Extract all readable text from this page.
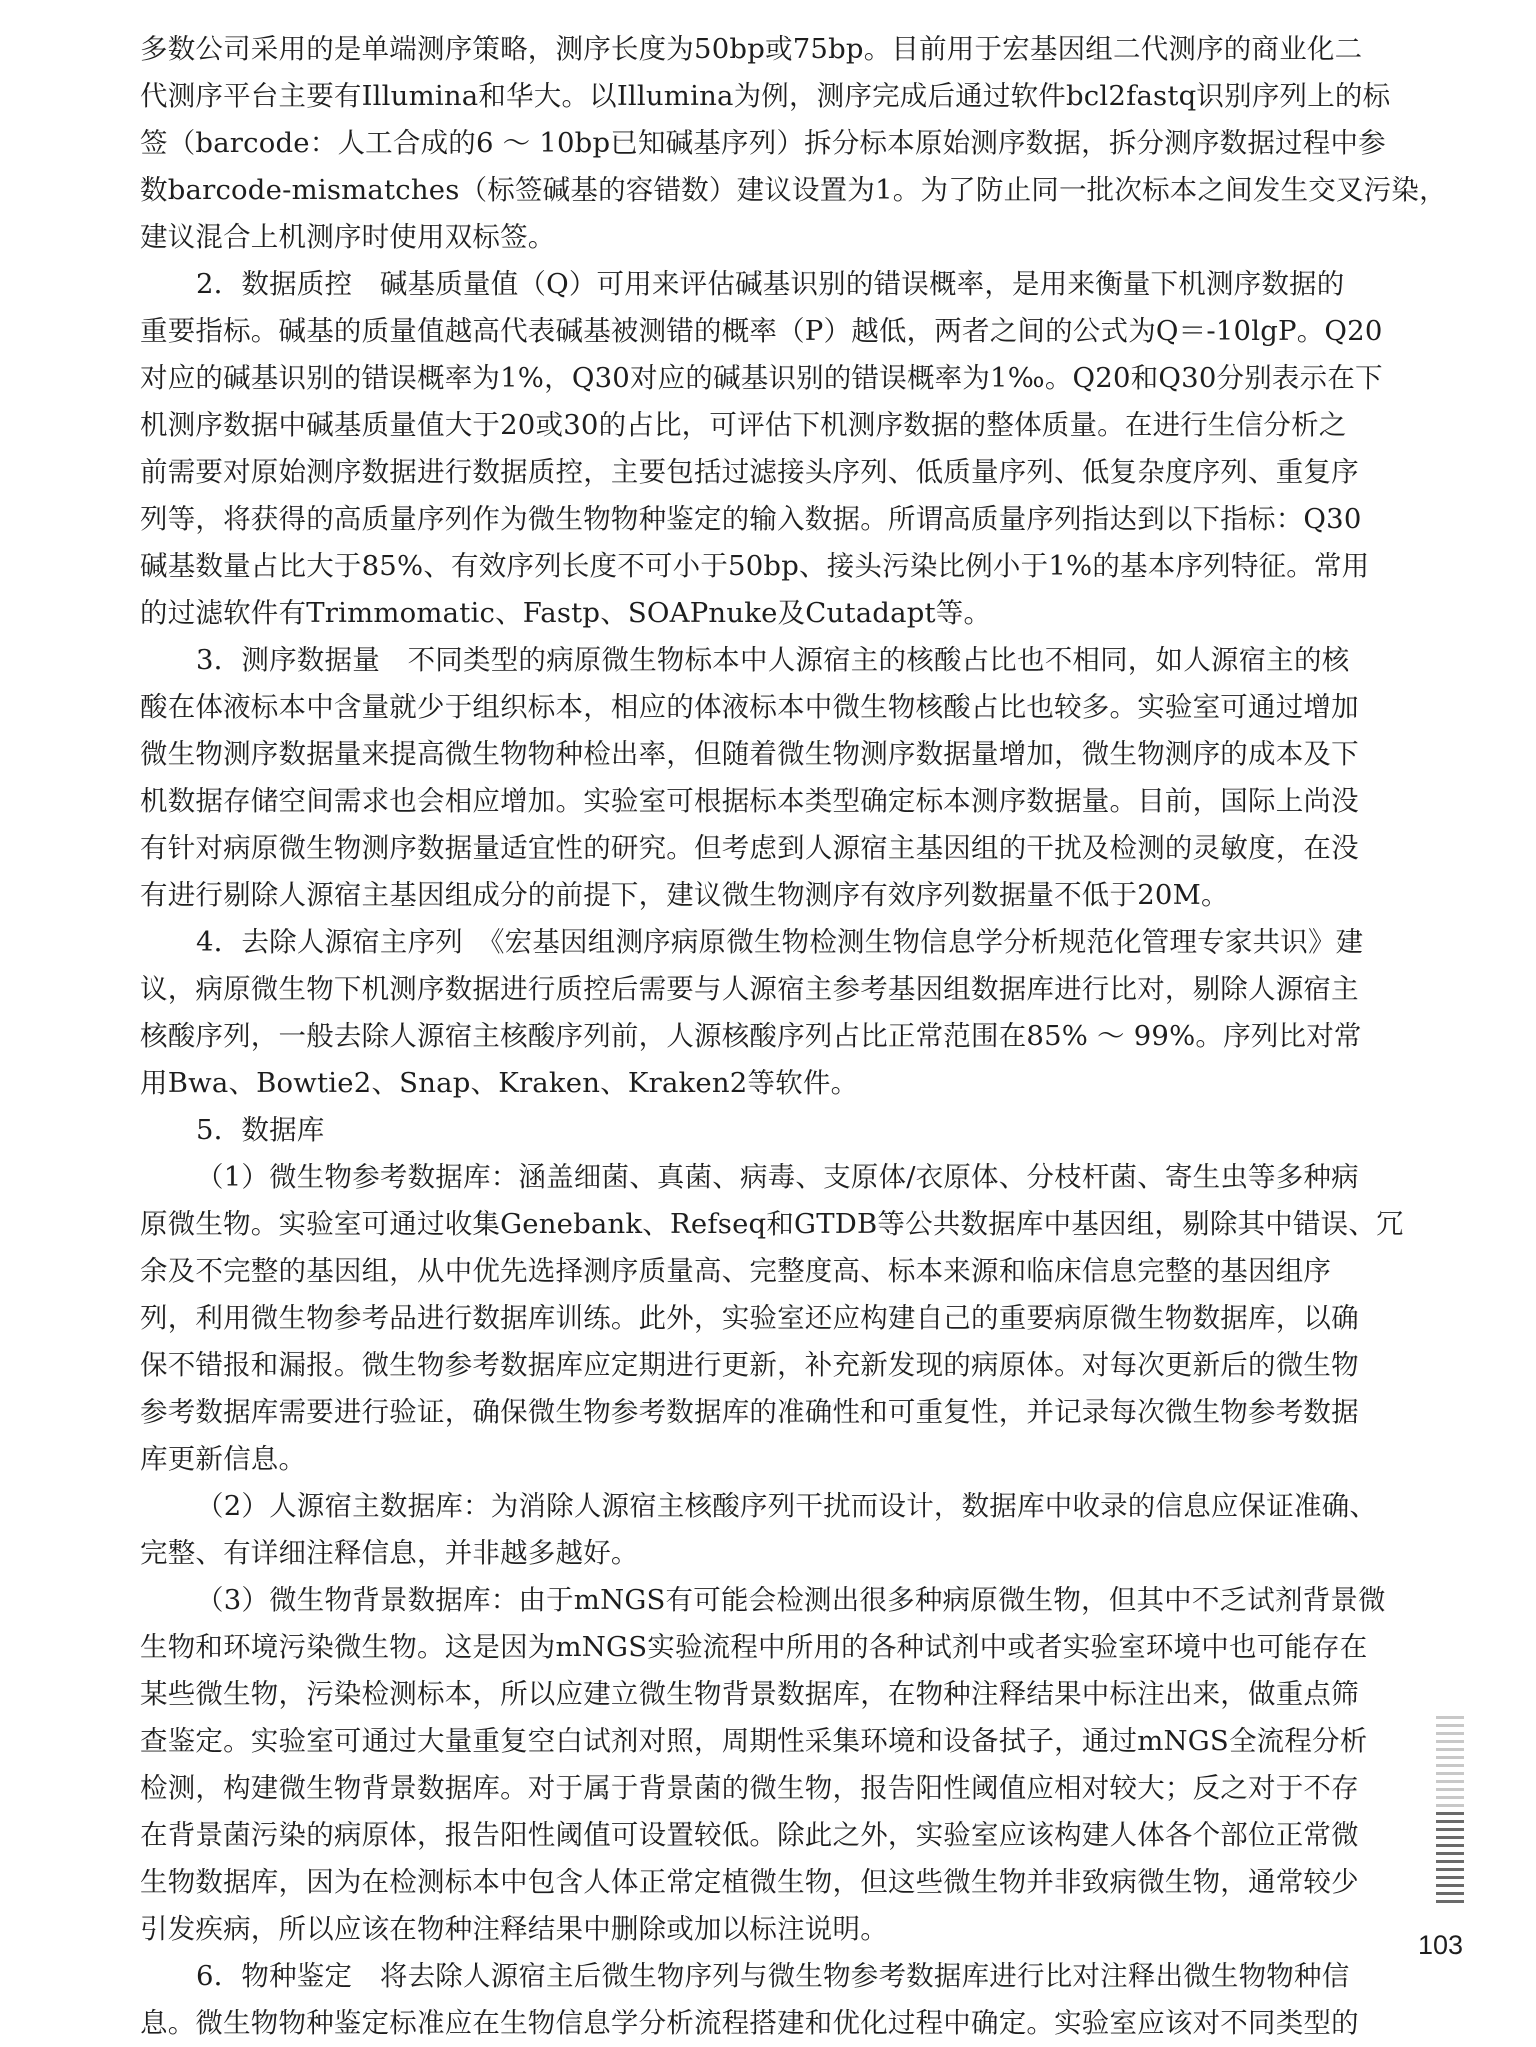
多数公司采用的是单端测序策略，测序长度为50bp或75bp。目前用于宏基因组二代测序的商业化二
代测序平台主要有Illumina和华大。以Illumina为例，测序完成后通过软件bcl2fastq识别序列上的标
签（barcode：人工合成的6 ～ 10bp已知碱基序列）拆分标本原始测序数据，拆分测序数据过程中参
数barcode-mismatches（标签碱基的容错数）建议设置为1。为了防止同一批次标本之间发生交叉污染，
建议混合上机测序时使用双标签。

2．数据质控　碱基质量值（Q）可用来评估碱基识别的错误概率，是用来衡量下机测序数据的
重要指标。碱基的质量值越高代表碱基被测错的概率（P）越低，两者之间的公式为Q＝-10lgP。Q20
对应的碱基识别的错误概率为1%，Q30对应的碱基识别的错误概率为1‰。Q20和Q30分别表示在下
机测序数据中碱基质量值大于20或30的占比，可评估下机测序数据的整体质量。在进行生信分析之
前需要对原始测序数据进行数据质控，主要包括过滤接头序列、低质量序列、低复杂度序列、重复序
列等，将获得的高质量序列作为微生物物种鉴定的输入数据。所谓高质量序列指达到以下指标：Q30
碱基数量占比大于85%、有效序列长度不可小于50bp、接头污染比例小于1%的基本序列特征。常用
的过滤软件有Trimmomatic、Fastp、SOAPnuke及Cutadapt等。

3．测序数据量　不同类型的病原微生物标本中人源宿主的核酸占比也不相同，如人源宿主的核
酸在体液标本中含量就少于组织标本，相应的体液标本中微生物核酸占比也较多。实验室可通过增加
微生物测序数据量来提高微生物物种检出率，但随着微生物测序数据量增加，微生物测序的成本及下
机数据存储空间需求也会相应增加。实验室可根据标本类型确定标本测序数据量。目前，国际上尚没
有针对病原微生物测序数据量适宜性的研究。但考虑到人源宿主基因组的干扰及检测的灵敏度，在没
有进行剔除人源宿主基因组成分的前提下，建议微生物测序有效序列数据量不低于20M。

4．去除人源宿主序列　《宏基因组测序病原微生物检测生物信息学分析规范化管理专家共识》建
议，病原微生物下机测序数据进行质控后需要与人源宿主参考基因组数据库进行比对，剔除人源宿主
核酸序列，一般去除人源宿主核酸序列前，人源核酸序列占比正常范围在85% ～ 99%。序列比对常
用Bwa、Bowtie2、Snap、Kraken、Kraken2等软件。

5．数据库

（1）微生物参考数据库：涵盖细菌、真菌、病毒、支原体/衣原体、分枝杆菌、寄生虫等多种病
原微生物。实验室可通过收集Genebank、Refseq和GTDB等公共数据库中基因组，剔除其中错误、冗
余及不完整的基因组，从中优先选择测序质量高、完整度高、标本来源和临床信息完整的基因组序
列，利用微生物参考品进行数据库训练。此外，实验室还应构建自己的重要病原微生物数据库，以确
保不错报和漏报。微生物参考数据库应定期进行更新，补充新发现的病原体。对每次更新后的微生物
参考数据库需要进行验证，确保微生物参考数据库的准确性和可重复性，并记录每次微生物参考数据
库更新信息。

（2）人源宿主数据库：为消除人源宿主核酸序列干扰而设计，数据库中收录的信息应保证准确、
完整、有详细注释信息，并非越多越好。

（3）微生物背景数据库：由于mNGS有可能会检测出很多种病原微生物，但其中不乏试剂背景微
生物和环境污染微生物。这是因为mNGS实验流程中所用的各种试剂中或者实验室环境中也可能存在
某些微生物，污染检测标本，所以应建立微生物背景数据库，在物种注释结果中标注出来，做重点筛
查鉴定。实验室可通过大量重复空白试剂对照，周期性采集环境和设备拭子，通过mNGS全流程分析
检测，构建微生物背景数据库。对于属于背景菌的微生物，报告阳性阈值应相对较大；反之对于不存
在背景菌污染的病原体，报告阳性阈值可设置较低。除此之外，实验室应该构建人体各个部位正常微
生物数据库，因为在检测标本中包含人体正常定植微生物，但这些微生物并非致病微生物，通常较少
引发疾病，所以应该在物种注释结果中删除或加以标注说明。

6．物种鉴定　将去除人源宿主后微生物序列与微生物参考数据库进行比对注释出微生物物种信
息。微生物物种鉴定标准应在生物信息学分析流程搭建和优化过程中确定。实验室应该对不同类型的

103
